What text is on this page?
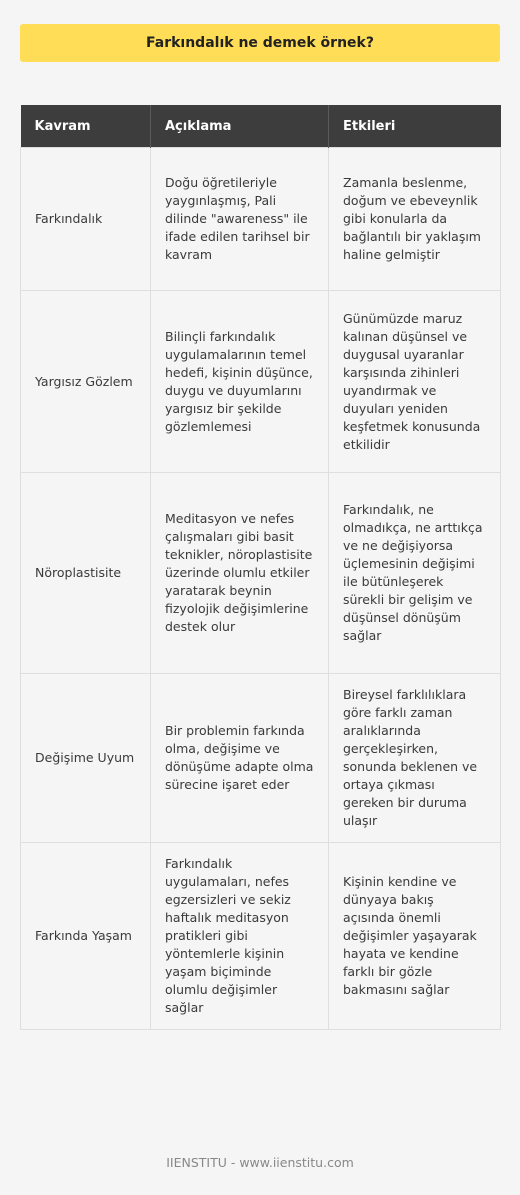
Farkındalık ne demek örnek?
Kavram	Açıklama	Etkileri
Farkındalık	Doğu öğretileriyle yaygınlaşmış, Pali dilinde "awareness" ile ifade edilen tarihsel bir kavram	Zamanla beslenme, doğum ve ebeveynlik gibi konularla da bağlantılı bir yaklaşım haline gelmiştir
Yargısız Gözlem	Bilinçli farkındalık uygulamalarının temel hedefi, kişinin düşünce, duygu ve duyumlarını yargısız bir şekilde gözlemlemesi	Günümüzde maruz kalınan düşünsel ve duygusal uyaranlar karşısında zihinleri uyandırmak ve duyuları yeniden keşfetmek konusunda etkilidir
Nöroplastisite	Meditasyon ve nefes çalışmaları gibi basit teknikler, nöroplastisite üzerinde olumlu etkiler yaratarak beynin fizyolojik değişimlerine destek olur	Farkındalık, ne olmadıkça, ne arttıkça ve ne değişiyorsa üçlemesinin değişimi ile bütünleşerek sürekli bir gelişim ve düşünsel dönüşüm sağlar
Değişime Uyum	Bir problemin farkında olma, değişime ve dönüşüme adapte olma sürecine işaret eder	Bireysel farklılıklara göre farklı zaman aralıklarında gerçekleşirken, sonunda beklenen ve ortaya çıkması gereken bir duruma ulaşır
Farkında Yaşam	Farkındalık uygulamaları, nefes egzersizleri ve sekiz haftalık meditasyon pratikleri gibi yöntemlerle kişinin yaşam biçiminde olumlu değişimler sağlar	Kişinin kendine ve dünyaya bakış açısında önemli değişimler yaşayarak hayata ve kendine farklı bir gözle bakmasını sağlar
IIENSTITU - www.iienstitu.com
